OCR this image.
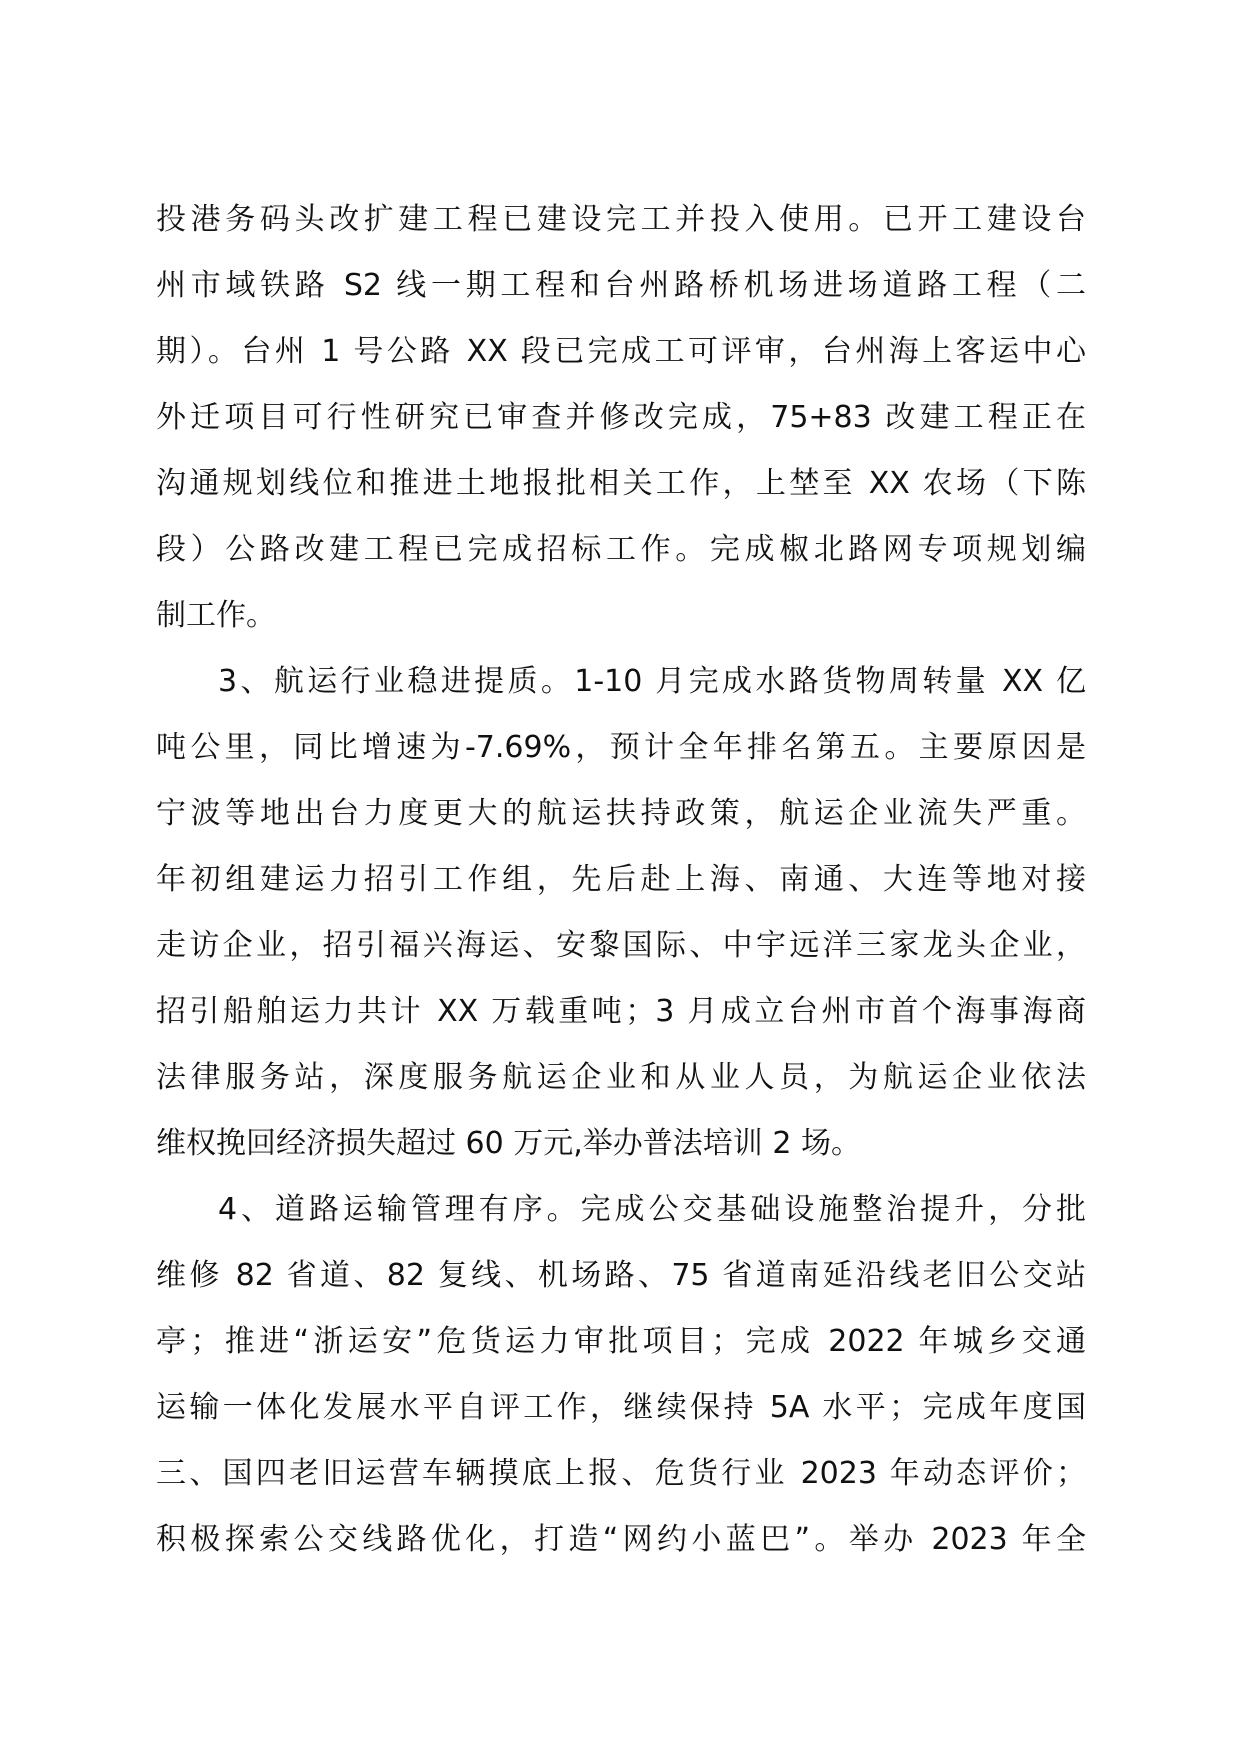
投港务码头改扩建工程已建设完工并投入使用。已开工建设台
州市域铁路 S2 线一期工程和台州路桥机场进场道路工程（二
期）。台州 1 号公路 XX 段已完成工可评审，台州海上客运中心
外迁项目可行性研究已审查并修改完成，75+83 改建工程正在
沟通规划线位和推进土地报批相关工作，上埜至 XX 农场（下陈
段）公路改建工程已完成招标工作。完成椒北路网专项规划编
制工作。
3、航运行业稳进提质。1-10 月完成水路货物周转量 XX 亿
吨公里，同比增速为-7.69%，预计全年排名第五。主要原因是
宁波等地出台力度更大的航运扶持政策，航运企业流失严重。
年初组建运力招引工作组，先后赴上海、南通、大连等地对接
走访企业，招引福兴海运、安黎国际、中宇远洋三家龙头企业，
招引船舶运力共计 XX 万载重吨；3 月成立台州市首个海事海商
法律服务站，深度服务航运企业和从业人员，为航运企业依法
维权挽回经济损失超过 60 万元,举办普法培训 2 场。
4、道路运输管理有序。完成公交基础设施整治提升，分批
维修 82 省道、82 复线、机场路、75 省道南延沿线老旧公交站
亭；推进“浙运安”危货运力审批项目；完成 2022 年城乡交通
运输一体化发展水平自评工作，继续保持 5A 水平；完成年度国
三、国四老旧运营车辆摸底上报、危货行业 2023 年动态评价；
积极探索公交线路优化，打造“网约小蓝巴”。举办 2023 年全
